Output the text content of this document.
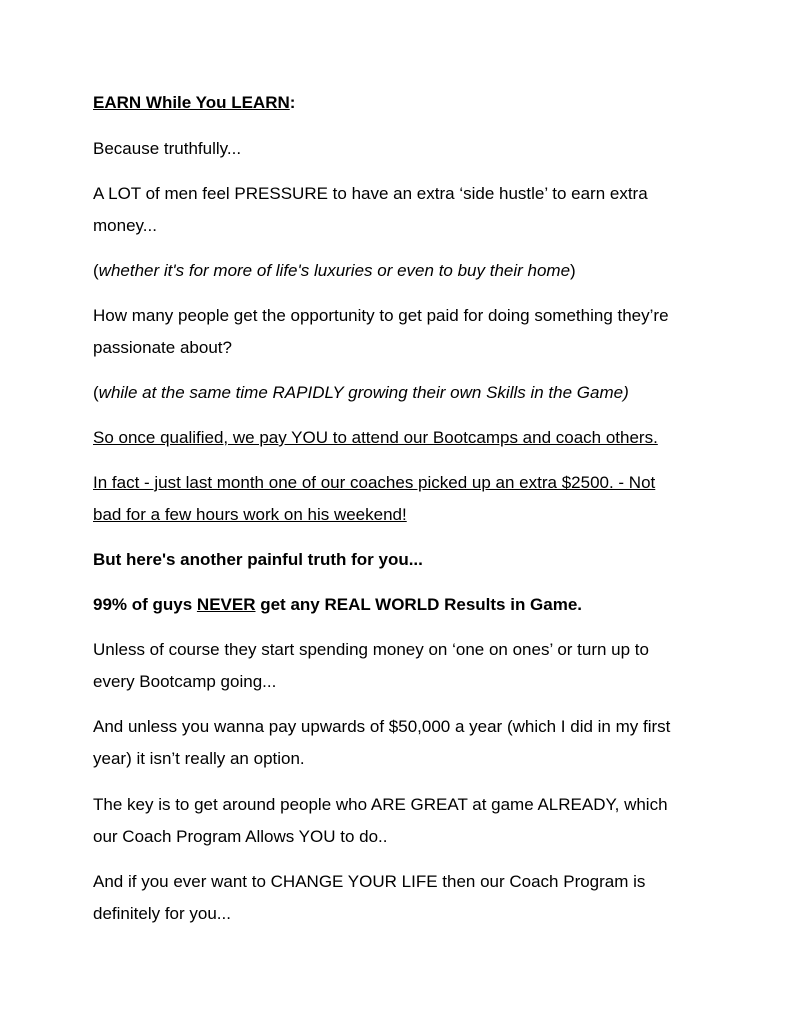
EARN While You LEARN:
Because truthfully...
A LOT of men feel PRESSURE to have an extra ‘side hustle’ to earn extra
money...
(whether it's for more of life's luxuries or even to buy their home)
How many people get the opportunity to get paid for doing something they’re
passionate about?
(while at the same time RAPIDLY growing their own Skills in the Game)
So once qualified, we pay YOU to attend our Bootcamps and coach others.
In fact - just last month one of our coaches picked up an extra $2500. - Not
bad for a few hours work on his weekend!
But here's another painful truth for you...
99% of guys NEVER get any REAL WORLD Results in Game.
Unless of course they start spending money on ‘one on ones’ or turn up to
every Bootcamp going...
And unless you wanna pay upwards of $50,000 a year (which I did in my first
year) it isn’t really an option.
The key is to get around people who ARE GREAT at game ALREADY, which
our Coach Program Allows YOU to do..
And if you ever want to CHANGE YOUR LIFE then our Coach Program is
definitely for you...
